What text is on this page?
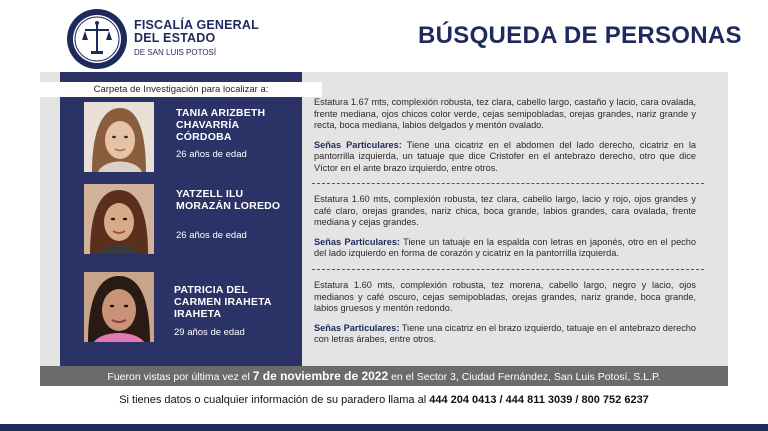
FISCALÍA GENERAL
DEL ESTADO
DE SAN LUIS POTOSÍ
BÚSQUEDA DE PERSONAS
Carpeta de Investigación para localizar a:
TANIA ARIZBETH
CHAVARRÍA
CÓRDOBA
26 años de edad

Estatura 1.67 mts, complexión robusta, tez clara, cabello largo, castaño y lacio, cara ovalada, frente mediana, ojos chicos color verde, cejas semipobladas, orejas grandes, nariz grande y recta, boca mediana, labios delgados y mentón ovalado.

Señas Particulares: Tiene una cicatriz en el abdomen del lado derecho, cicatriz en la pantorrilla izquierda, un tatuaje que dice Cristofer en el antebrazo derecho, otro que dice Víctor en el ante brazo izquierdo, entre otros.

YATZELL ILU
MORAZÁN LOREDO
26 años de edad

Estatura 1.60 mts, complexión robusta, tez clara, cabello largo, lacio y rojo, ojos grandes y café claro, orejas grandes, nariz chica, boca grande, labios grandes, cara ovalada, frente mediana y cejas grandes.

Señas Particulares: Tiene un tatuaje en la espalda con letras en japonés, otro en el pecho del lado izquierdo en forma de corazón y cicatriz en la pantorrilla izquierda.

PATRICIA DEL
CARMEN IRAHETA
IRAHETA
29 años de edad

Estatura 1.60 mts, complexión robusta, tez morena, cabello largo, negro y lacio, ojos medianos y café oscuro, cejas semipobladas, orejas grandes, nariz grande, boca grande, labios gruesos y mentón redondo.

Señas Particulares: Tiene una cicatriz en el brazo izquierdo, tatuaje en el antebrazo derecho con letras árabes, entre otros.

Fueron vistas por última vez el 7 de noviembre de 2022 en el Sector 3, Ciudad Fernández, San Luis Potosí, S.L.P.
Si tienes datos o cualquier información de su paradero llama al 444 204 0413 / 444 811 3039 / 800 752 6237
